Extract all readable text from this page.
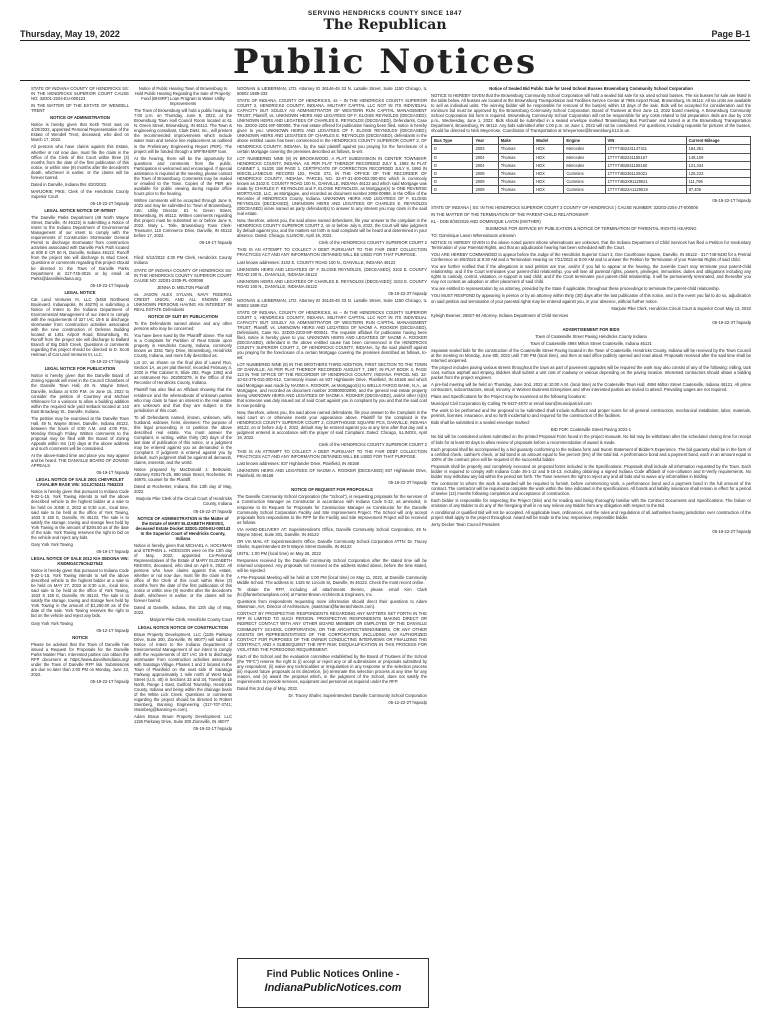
SERVING HENDRICKS COUNTY SINCE 1847
The Republican
Thursday, May 19, 2022	Page B-1
Public Notices

STATE OF INDIANA COUNTY OF HENDRICKS SS: IN THE HENDRICKS SUPERIOR COURT CAUSE NO: 32D01-2204-EU-000123

IN THE MATTER OF THE ESTATE OF WENDELL TRENT

NOTICE OF ADMINISTRATION

Notice is hereby given that Keith Trent was on 4/20/2022, appointed Personal Representative of the Estate of Wendell Trent, deceased, who died on March 17, 2022.

All persons who have claims against this Estate, whether or not now due, must file the claim in the Office of the Clerk of this Court within three (3) months from the date of the first publication of this notice, or within nine (9) months after the decedent's death, whichever is earlier, or the claims will be forever barred.

Dated in Danville, Indiana this 4/20/2022.

MARJORIE PIKE, Clerk of the Hendricks County Superior Court

05-19-22-2T hspaxlp

LEGAL NOTICE NOTICE OF INTENT

The Danville Parks Department (49 North Wayne Street, Danville, IN 46122) is submitting a Notice of Intent to the Indiana Department of Environmental Management of our intent to comply with the requirements of Construction Stormwater General Permit to discharge stormwater from construction activities associated with Danville Park Path located at 800 E CR 50 N, Danville, Indiana 46122. Runoff from the project site will discharge to Mud Creek. Questions or comments regarding this project should be directed to the Town of Danville Parks Department at 317-745-3015 or by email at Parks@danvilleindiana.org.

05-19-22-1T hspaxlp

LEGAL NOTICE

Cat Land Ventures III, LLC (5455 Northwest Boulevard, Indianapolis, IN 46278) is submitting a Notice of Intent to the Indiana Department of Environmental Management of our intent to comply with the requirements of 327 IAC 15-5 to discharge stormwater from construction activities associated with the new construction of Defense Building located at 1451 Airport Road, Brownsburg, IN. Runoff from the project site will discharge to Ballard Branch of Big Ditch Creek. Questions or comments regarding this project should be directed to D. Scott Heitman of Cat Land Ventures III, LLC.

05-19-22-1T hspaxlp

LEGAL NOTICE FOR PUBLICATION

Notice is hereby given that the Danville Board of Zoning Appeals will meet in the Council Chambers of the Danville Town Hall, 49 N. Wayne Street, Danville, Indiana at 6:00 P.M. on June 15, 2022 to consider the petition of Courtney and Michael Whiteacre for a variance to allow a building addition within the required side yard setback located at 143 East Broadway St., Danville, Indiana.

The petition may be examined at the Danville Town Hall, 49 N. Wayne Street, Danville, Indiana 46122, between the hours of 8:00 A.M. and 4:00 P.M., Monday through Friday. Written comments to the proposal may be filed with the Board of Zoning Appeals within ten (10) days at the above address and such comments will be considered.

At the above-stated time and place you may appear and be heard. THE DANVILLE BOARD OF ZONING APPEALS

05-19-1T hspaxlp

LEGAL NOTICE OF SALE 2001 CHEVROLET CAVALIER BASE VIN: 1G1JC52411 7563223

Notice is hereby given that pursuant to Indiana Code 9-22-1-15, York Towing intends to sell the above described vehicle to the highest bidder at a sale to be held on JUNE 3, 2022 at 8:30 a.m., local time, said sale to be held at the office of York Towing, 1633 S 150 E, Danville, IN 46122. The sale is to satisfy the storage, towing and storage fees held by York Towing in the amount of $294.50 as of the date of the sale. York Towing reserves the right to bid on the vehicle and reject any bids.

Gary York York Towing

05-19-1T hspaxlp

LEGAL NOTICE OF SALE 2012 KIA SEDONA VIN: KNDMG4C75C6427543

Notice is hereby given that pursuant to Indiana Code 9-22-1-15, York Towing intends to sell the above described vehicle to the highest bidder at a sale to be held on MAY 27, 2022 at 8:30 a.m., local time, said sale to be held at the office of York Towing, 1633 S 150 E, Danville, IN 46122. The sale is to satisfy the storage, towing and storage fees held by York Towing in the amount of $1,250.00 as of the date of the sale. York Towing reserves the right to bid on the vehicle and reject any bids.

Gary York York Towing

05-12-1T hspaxlp

NOTICE

Please be advised that the Town of Danville has issued a Request for Proposals for the Danville Parks Master Plan. Interested parties can obtain the RFP document at https://www.danvilleindiana.org/ under the Town of Danville RFP link. Submissions are due no later than 2:00 PM on Monday, June 13, 2022.

05-19-22-1T hspaxlp

Notice of Public Hearing Town of Brownsburg to Hold Public Hearing Regarding the Sale of Property: Fund (BHSRF) Loan Program to Water Utility Improvements

The Town of Brownsburg will hold a public hearing at 7:00 p.m. on Thursday, June 9, 2022, at the Brownsburg Town Hall Council Room located at 61 N. Green Street, Brownsburg, IN 46112. The Town is engineering consultant, Clark Dietz, Inc., will present the recommended improvements which include water main and service line replacement as outlined in the Preliminary Engineering Report (PER). The project will be funded through a SRF/BHSRF loan.

At the hearing, there will be the opportunity for questions and comments from the public. Participation is welcomed and encouraged. If special assistance is required at the meeting, please contact the Town of Brownsburg. Comments may be mailed or emailed to the Town. Copies of the PER are available for public viewing during regular office hours prior to the hearing.

Written comments will be accepted through June 9, 2022 and may be submitted to: Town of Brownsburg, Attn: Utility Director, 61 N. Green Street, Brownsburg, IN 46112. Written comments regarding this project must be submitted on or before June 9, 2022. Mary L. Tolle, Brownsburg Town Clerk-Treasurer, 110 Commerce Drive, Danville, IN 46122 before 17, 2022.

05-19-1T hspaxlp

Filed: 5/12/2022 4:30 PM Clerk, Hendricks County Indiana

STATE OF INDIANA COUNTY OF HENDRICKS SS: IN THE HENDRICKS COUNTY SUPERIOR COURT CAUSE NO: 32D01-2205-PL-000098

JENNA D. MELTON Plaintiff

vs. JASON ALEX SYLVAN, NAVY FEDERAL CREDIT UNION, AND ALL KNOWN AND UNKNOWN PERSONS HAVING AN INTEREST IN REAL ESTATE Defendants

NOTICE OF SUIT BY PUBLICATION

To the Defendants named above and any other persons who may be concerned:

You have been sued by the 'Plaintiff' above. The suit is a Complaint for Partition of Real Estate upon property in Hendricks County, Indiana, commonly known as 3261 Tarry Drive, Brownsburg, Hendricks County, Indiana, and more fully described as:

Lot 10, as shown on the final plat of Laurel Run, Section 1A, as per plat thereof, recorded February 4, 2020 in Plat Cabinet 8, Slide 282, Page 136Q and as Instrument No. 202000279, in the Office of the Recorder of Hendricks County, Indiana.

Plaintiff has also filed an Affidavit showing that the residence and the whereabouts of unknown parties who may claim to have an interest in the real estate are unknown and that they are subject to the jurisdiction of this court.

To all Defendants named, known, unknown, wife, husband, widower, heirs, devisees: The purpose of this legal proceeding is to partition the above described real estate. You must answer the Complaint, in writing, within thirty (30) days of the last date of publication of this notice, or a judgment may be entered against you as demanded in the Complaint. If judgment is entered against you by default, such judgment shall be against all demands, claims, interests, and the world.

Notice prepared by MacDonald J. Berkowitz, Attorney #29175-25, 890 Main Street, Rochester, IN 46975, counsel for the Plaintiff.

Dated at Rochester, Indiana, this 13th day of May, 2022.

Marjorie Pike Clerk of the Circuit Court of Hendricks County, Indiana

05-19-22-3T hspaxlp

NOTICE OF ADMINISTRATION In the Matter of the Estate of MARY ELIZABETH REEVES, deceased Estate Docket 32D01-2205-EU-000143 In the Superior Court of Hendricks County, Indiana

Notice is hereby given that MICHAEL A. HOCHMAN and STEPHEN L. HODGSON were on the 12th day of May, 2022, appointed Co-Personal Representatives of the Estate of MARY ELIZABETH REEVES, deceased, who died on April 6, 2022. All persons who have claims against this estate, whether or not now due, must file the claim in the office of the Clerk of this court within three (3) months from the date of the first publication of this notice or within nine (9) months after the decedent's death, whichever is earlier, or the claims will be forever barred.

Dated at Danville, Indiana, this 12th day of May, 2022.

Marjorie Pike Clerk, Hendricks County Court

LEGAL NOTICE NOTICE OF CONSTRUCTION

Braun Property Development, LLC (1155 Parkway Drive, Suite 300, Zionsville, IN 46077) will submit a Notice of Intent to the Indiana Department of Environmental Management of our intent to comply with the requirements of 327 IAC 15-5 to discharge stormwater from construction activities associated with Saratoga Village, Phases 1 and 2 located in the Town of Plainfield on the east side of Saratoga Parkway approximately 1 mile north of West Main Street (U.S. 40) in Sections 33 and 34, Township 15 North, Range 1 East, Guilford Township, Hendricks County, Indiana and being within the drainage basin of the White Lick Creek. Questions or comments regarding the project should be directed to Robert Steinberg, Banning Engineering (317-707-3741; rsteinberg@banning-ei.com).

Adam Braun Braun Property Development, LLC 1155 Parkway Drive, Suite 300 Zionsville, IN 46077

05-19-22-1T hspaxlp

NOONAN & LIEBERMAN, LTD. Attorney ID 36146-49 33 N. LaSalle Street, Suite 1150 Chicago, IL 60602 1689-333

STATE OF INDIANA, COUNTY OF HENDRICKS, ss -- IN THE HENDRICKS COUNTY SUPERIOR COURT 2, HENDRICKS COUNTY, INDIANA. MILITARY CAPITAL LLC NOT IN ITS INDIVIDUAL CAPACITY BUT SOLELY AS ADMINISTRATOR OF WESTERN RUN CAPITAL MANAGEMENT TRUST, Plaintiff, vs. UNKNOWN HEIRS AND LEGATEES OF F. ELOISE REYNOLDS (DECEASED); UNKNOWN HEIRS AND LEGATEES OF CHARLES E. REYNOLDS (DECEASED), Defendants, Case No. 32D02-2201-MF-000006. The real estate offered for publication having been filed, notice is hereby given to you: UNKNOWN HEIRS AND LEGATEES OF F. ELOISE REYNOLDS (DECEASED); UNKNOWN HEIRS AND LEGATEES OF CHARLES E. REYNOLDS (DECEASED), defendants in the above entitled cause has been commenced in the HENDRICKS COUNTY SUPERIOR COURT 2, OF HENDRICKS COUNTY, INDIANA, by the said plaintiff against you praying for the foreclosure of a certain Mortgage covering the premises described as follows, to-wit:

LOT NUMBERED NINE (9) IN BROOKWOOD, A PLAT SUBDIVISION IN CENTER TOWNSHIP, HENDRICKS COUNTY, INDIANA, AS PER PLAT THEREOF RECORDED JULY 8, 1992 IN PLAT CABINET 1, SLIDE 158 PAGE 1. CERTIFICATE OF CORRECTION RECORDED JULY 8, 1992 IN MISCELLANEOUS RECORD 102, PAGE 373, IN THE OFFICE OF THE RECORDER OF HENDRICKS COUNTY, INDIANA. PARCEL NO. 32-07-31-400-002.000-002 which is commonly known as 3102 E. COUNTY ROAD 100 N., DANVILLE, INDIANA 46122 and which said Mortgage was made by CHARLES F. REYNOLDS and F. ELOISE REYNOLDS, as Mortgagor(s) to ONE REVERSE MORTGAGE, LLC, as Mortgagee, and recorded as document number 2008-00989, in the Office of the Recorder of HENDRICKS County, Indiana. UNKNOWN HEIRS AND LEGATEES OF F. ELOISE REYNOLDS (DECEASED); UNKNOWN HEIRS AND LEGATEES OF CHARLES E. REYNOLDS (DECEASED) is/are named as party defendant(s) to answer to any interest you may claim in the said real estate.

Now, therefore, unless you, the said above named defendants, file your answer to the complaint in the HENDRICKS COUNTY SUPERIOR COURT 2, on or before July 6, 2022, the Court will take judgment by default against you, and the matters set forth in said complaint will be heard and determined in your absence. Dated: Chicago, ILLINOIS, April 19, 2022.

Clerk of the HENDRICKS COUNTY SUPERIOR COURT 2

THIS IS AN ATTEMPT TO COLLECT A DEBT PURSUANT TO THE FAIR DEBT COLLECTION PRACTICES ACT AND ANY INFORMATION OBTAINED WILL BE USED FOR THAT PURPOSE.

Last known addresses: 3102 E. COUNTY ROAD 100 N., DANVILLE, INDIANA 46122

UNKNOWN HEIRS AND LEGATEES OF F. ELOISE REYNOLDS, (DECEASED); 3102 E. COUNTY ROAD 100 N., DANVILLE, INDIANA 46122

UNKNOWN HEIRS AND LEGATEES OF CHARLES E. REYNOLDS (DECEASED); 3102 E. COUNTY ROAD 100 N., DANVILLE, INDIANA 46122

05-19-22-3T hspaxlp

NOONAN & LIEBERMAN, LTD. Attorney ID 36145-49 33 N. LaSalle Street, Suite 1150 Chicago, IL 60602 1689-312

STATE OF INDIANA, COUNTY OF HENDRICKS, ss -- IN THE HENDRICKS COUNTY SUPERIOR COURT 1, HENDRICKS COUNTY, INDIANA. MILITARY CAPITAL LLC NOT IN ITS INDIVIDUAL CAPACITY BUT SOLELY AS ADMINISTRATOR OF WESTERN RUN CAPITAL MANAGEMENT TRUST, Plaintiff, vs. UNKNOWN HEIRS AND LEGATEES OF NAOMI A. ROOKER (DECEASED), Defendants, Case No. 32D02-2203-MF-000041. The requisite affidavit for publication having been filed, notice is hereby given to you: UNKNOWN HEIRS AND LEGATEES OF NAOMI A. ROOKER (DECEASED), defendant in the above entitled cause has been commenced in the HENDRICKS COUNTY SUPERIOR COURT 2, OF HENDRICKS COUNTY, INDIANA, by the said plaintiff against you praying for the foreclosure of a certain Mortgage covering the premises described as follows, to-wit:

LOT NUMBERED NINE (9) IN THE BROTHERS THIRD ADDITION, FIRST SECTION TO THE TOWN OF DANVILLE, AS PER PLAT THEREOF RECORDED AUGUST 7, 1967, IN PLAT BOOK 4, PAGE 113 IN THE OFFICE OF THE RECORDER OF HENDRICKS COUNTY, INDIANA. PARCEL NO. 32-10-02-276-010.000-012. Commonly known as 837 Highlander Drive, Plainfield, IN 46168 and which said Mortgage was made by NAOMI A. ROOKER, as Mortgagor(s) to WELLS FARGO BANK, N.A., as Mortgagee, and recorded as document number 200800002890, and the general real estate property being UNKNOWN HEIRS AND LEGATEES OF NAOMI A. ROOKER (DECEASED), and/or other (s)(s) that someone was duly issued out of said Court against you in complaint by you and that the said cost is now pending.

Now, therefore, unless you, the said above named defendants, file your answer to the Complaint in the said court on or otherwise ments your appearance above. Plaintiff for the complaint in the HENDRICKS COUNTY SUPERIOR COURT 2, COURTHOUSE SQUARE PCS, DANVILLE, INDIANA 46122, on or before July 4, 2022, default may be entered against you at any time after that day and a judgment entered in accordance with the prayer of said Complaint. Dated: Chicago, ILLINOIS, April 19, 2022.

Clerk of the HENDRICKS COUNTY SUPERIOR COURT 2

THIS IS AN ATTEMPT TO COLLECT A DEBT PURSUANT TO THE FAIR DEBT COLLECTION PRACTICES ACT AND ANY INFORMATION OBTAINED WILL BE USED FOR THAT PURPOSE.

Last known addresses: 837 Highlander Drive, Plainfield, IN 46168

UNKNOWN HEIRS AND LEGATEES OF NAOMI A. ROOKER (DECEASED) 837 Highlander Drive, Plainfield, IN 46168

05-19-22-3T hspaxlp

NOTICE OF REQUEST FOR PROPOSALS

The Danville Community School Corporation (the "School"), is requesting proposals for the services of a Construction Manager as Constructor in accordance with Indiana Code 5-32, as amended, in response to its Request for Proposals for Construction Manager as Constructor for the Danville Community School Corporation Facility and Site Improvement Project. The School will only accept proposals from respondents to the RFP for the Facility and Site Improvement Project will be received as follows.

VIA HAND-DELIVERY AT: Superintendent's Office, Danville Community School Corporation, 49 N. Wayne Street, Suite 301, Danville, IN 46122

OR VIA MAIL AT: Superintendent's Office, Danville Community School Corporation ATTN: Dr. Tracey Shafer, Superintendent 49 N Wayne Street Danville, IN 46122

UNTIL: 1:00 PM (local time) on May 26, 2022

Responses received by the Danville Community School Corporation after the stated time will be returned unopened. Any proposals not received at the address stated above, before the time stated, will be rejected.

A Pre-Proposal Meeting will be held at 1:00 PM (local time) on May 11, 2022, at Danville Community Middle School. The address is: 1425 W. Lincoln St, Danville, IN 46122. Check the most recent online.

To obtain the RFP, including all attachments thereto, please email Kim Clark (kc@fanterbrownplans.com) at Fanter-Brown Architects & Engineers, Inc.

Questions from respondents requesting more information should direct their questions to Adam Wassman, AIA, Director of Architecture, (wassman@fanterarchitects.com).

CONTACT BY PROSPECTIVE RESPONDENTS REGARDING ANY MATTERS SET FORTH IN THE RFP IS LIMITED TO SUCH PERSON. PROSPECTIVE RESPONDENTS MAKING DIRECT OR INDIRECT CONTACT WITH ANY OTHER BOARD MEMBER OR EMPLOYEE OF THE DANVILLE COMMUNITY SCHOOL CORPORATION, OR THE ARCHITECTS/ENGINEERS, OR ANY OTHER AGENTS OR REPRESENTATIVES OF THE CORPORATION, INCLUDING ANY AUTHORIZED CONTACT FOR PURPOSES OF THE OWNER CONDUCTING INTERVIEWS OR FINALIZING THE CONTRACT, AND A SUBSEQUENT THE RFP RISK DISQUALIFICATION IN THIS PROCESS FOR VIOLATING THE FOREGOING REQUIREMENT.

Each of the School and the evaluation committee established by the Board of Trustees of the School (the "RFC") reserve the right to (i) accept or reject any or all submissions or proposals submitted by any respondent, (ii) waive any technicalities or irregularities in any response or the selection process (iii) request future proposals at its discretion, (iv) terminate this selection process at any time for any reason, and (v) award the proposal which, in the judgment of the School, does not satisfy the requirements to provide services, equipment and personnel as required under the RFP.

Dated this 2nd day of May, 2022.

Dr. Tracey Shafer, Superintendent Danville Community School Corporation

05-12-22-2T hspaxlp

Notice of Sealed Bid Public Sale for Used School Busses Brownsburg Community School Corporation

NOTICE IS HEREBY GIVEN that the Brownsburg Community School Corporation will hold a sealed bid sale for six used school busses. The six busses for sale are listed in the table below. All busses are located at the Brownsburg Transportation and Facilities Service Center at 7955 Airport Road, Brownsburg, IN 46112. All six units are available to sell as individual units. The winning bidder will be responsible for removal of the bus(es) within 10 days of the sale. Bids will be accepted for consideration and the minimum bid must be approved by the Brownsburg Community School Corporation, Board of Trustees at their June 13, 2022 board meeting. A Brownsburg Community School Corporation bid form is required. Brownsburg Community School Corporation will not be responsible for any costs related to bid preparation. Bids are due by 1:00 p.m., Wednesday, June 1, 2022. Bids should be submitted in a sealed envelope marked 'Brownsburg Bus Purchase' and turned in at the Brownsburg Transportation Department, Brownsburg, IN 46112. Any bids submitted after 1:00 p.m. on June 1, 2022 will not be considered. For questions, including requests for pictures of the busses, should be directed to Nick Meyerrose, Coordinator of Transportation at nmeyerrose@brownsburg.k12.in.us.

Bus Type	Year	Make	Model	Engine	VIN	Current Mileage
D	2003	Thomas	HDX	Mercedes	1T7YT4B2431147311	184,361
D	2004	Thomas	HDX	Mercedes	1T7YT4B2241155167	148,109
D	2004	Thomas	HDX	Mercedes	1T7YT4B2841158160	121,434
D	2008	Thomas	HDX	Cummins	1T7YT4B2361126021	125,232
D	2009	Thomas	HDX	Cummins	1T7YT4B2X91129021	111,796
D	2009	Thomas	HDX	Cummins	1T7YT4B22A1129019	87,405

05-19-22-1T hspaxlp

STATE OF INDIANA ) SS: IN THE HENDRICKS SUPERIOR COURT 3 COUNTY OF HENDRICKS ) CAUSE NUMBER: 32D03-2204-JT-000006

IN THE MATTER OF THE TERMINATION OF THE PARENT-CHILD RELATIONSHIP:

KL - DOB 8/30/2019 AND DOMINIQUE LAVON (MOTHER)

SUMMONS FOR SERVICE BY PUBLICATION & NOTICE OF TERMINATION OF PARENTAL RIGHTS HEARING

TO: Dominique Lavon Whereabouts unknown

NOTICE IS HEREBY GIVEN to the above noted parent whose whereabouts are unknown, that the Indiana Department of Child Services has filed a Petition for Involuntary Termination of your Parental Rights, and that an adjudication hearing has been scheduled with the Court.

YOU ARE HEREBY COMMANDED to appear before the Judge of the Hendricks Superior Court 3, One Courthouse Square, Danville, IN 46122 - 317-745-9430 for a Pretrial Conference on 6/6/2022 at 8:30 AM and a Termination Hearing on 7/21/2022 at 8:00 AM and to answer the Petition for Termination of your Parental Rights of said child.

You are further notified that if the allegations in said petition are true, and/or if you fail to appear at the hearing, the Juvenile Court may terminate your parent-child relationship; and if the Court terminates your parent-child relationship, you will lose all parental rights, powers, privileges, immunities, duties and obligations including any rights to custody, control, visitation, or support in said child; and if the Court terminates your parent-child relationship, it will be permanently terminated, and thereafter you may not contest an adoption or other placement of said child.

You are entitled to representation by an attorney, provided by the State if applicable, throughout these proceedings to terminate the parent-child relationship.

YOU MUST RESPOND by appearing in person or by an attorney within thirty (30) days after the last publication of this notice, and in the event you fail to do so, adjudication on said petition and termination of your parental rights may be entered against you, in your absence, without further notice.

Marjorie Pike Clerk, Hendricks Circuit Court & Superior Court May 13, 2022

Kyleigh Beamer, 28827-64 Attorney, Indiana Department of Child Services

05-19-22-3T hspaxlp

ADVERTISEMENT FOR BIDS

Town of Coatesville Street Paving Hendricks County Indiana

Town of Coatesville 4994 Milton Street Coatesville, Indiana 46121

Separate sealed bids for the construction of the Coatesville Street Paving located in the Town of Coatesville, Hendricks County, Indiana will be received by the Town Council at the meeting on Monday, June 6th, 2022 until 7:00 PM (local time), and then at said office publicly opened and read aloud. Proposals received after the said time shall be returned unopened.

The project includes paving various streets throughout the town as part of pavement upgrades will be required the work may also consist of any of the following: milling, tack coat, surface asphalt and striping. Bidders shall submit a unit cost of roadway or various depending on the paving location. Interested contractors should obtain a bidding packet from the project engineer.

A pre-bid meeting will be held on Thursday, June 2nd, 2022 at 10:00 A.M. (local time) at the Coatesville Town Hall, 4994 Milton Street Coatesville, Indiana 46121. All prime contractors, subcontractors, small, minority or Women Business Enterprises and other interested parties are invited to attend. Prevailing wages are not required.

Plans and Specifications for the Project may be examined at the following locations:

Municipal Civil Corporation by Calling 76-5427-4670 or email town@municipalcivil.com

The work to be performed and the proposal to be submitted shall include sufficient and proper sums for all general construction, mechanical installation, labor, materials, permits, licenses, insurance, and so forth incidental to and required for the construction of the facilities.

Bids shall be submitted in a sealed envelope marked:

BID FOR: Coatesville Street Paving 2022-1

No bid will be considered unless submitted on the printed Proposal Form found in the project manuals. No bid may be withdrawn after the scheduled closing time for receipt of bids for at least 60 days to allow review of proposals before a recommendation of award is made.

Each proposal shall be accompanied by a bid guaranty conforming to the Indiana form and Sworn Statement of Bidder's Experience. The bid guaranty shall be in the form of a certified check, cashier's check, or bid bond in an amount equal to five percent (5%) of the total bid. A performance bond and a payment bond, each in an amount equal to 100% of the contract price will be required of the successful bidder.

Proposals shall be properly and completely executed on proposal forms included in the Specifications. Proposals shall include all information requested by the Town. Each bidder is required to comply with Indiana Code 36-1-12 and 5-16-13, including obtaining a signed Indiana Code affidavit of non-collusion and E-Verify requirements. No bidder may withdraw any bid within the period set forth. The Town reserves the right to reject any and all bids and to waive any informalities in bidding.

The contractor to whom the work is awarded will be required to furnish, before commencing work, a performance bond and a payment bond in the full amount of the contract. The contractor will be required to complete the work within the time indicated in the specifications. All bonds and liability insurance shall remain in effect for a period of twelve (12) months following completion and acceptance of construction.

Each bidder is responsible for inspecting the Project (Site) and for reading and being thoroughly familiar with the Contract Documents and Specifications. The failure or omission of any Bidder to do any of the foregoing shall in no way relieve any Bidder from any obligation with respect to the Bid.

A conditional or qualified Bid will not be accepted. All applicable laws, ordinances, and the rules and regulations of all authorities having jurisdiction over construction of the project shall apply to the project throughout. Award will be made to the low, responsive, responsible bidder.

Jerry Decker Town Council President

05-19-22-2T hspaxlp

Find Public Notices Online -
IndianaPublicNotices.com
